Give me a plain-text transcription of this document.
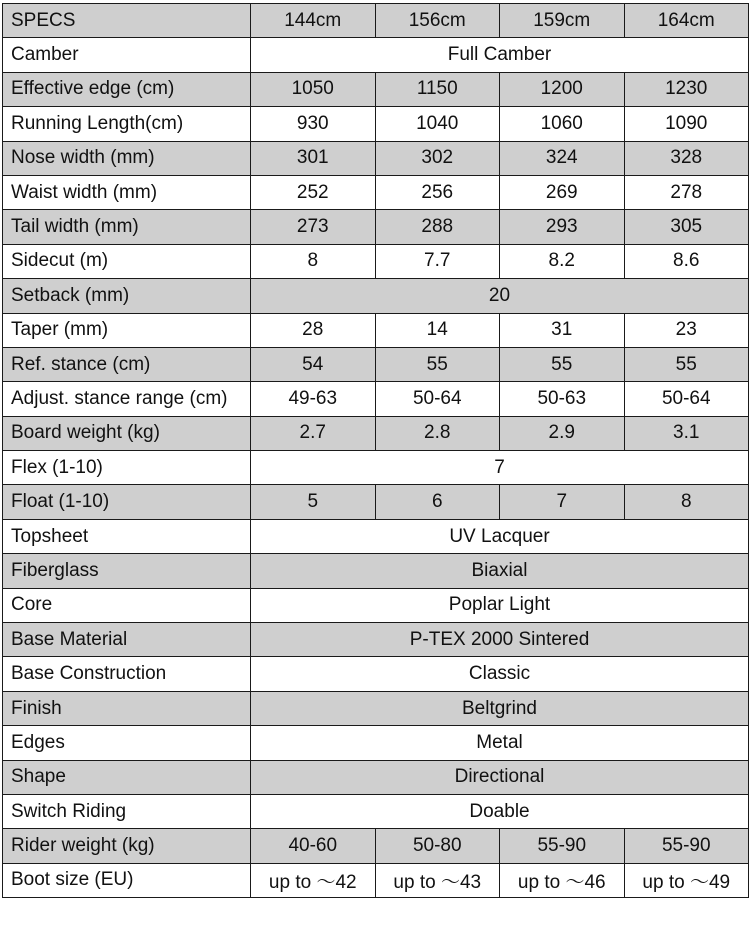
SPECS	144cm	156cm	159cm	164cm
Camber	Full Camber			
Effective edge (cm)	1050	1150	1200	1230
Running Length(cm)	930	1040	1060	1090
Nose width (mm)	301	302	324	328
Waist width (mm)	252	256	269	278
Tail width (mm)	273	288	293	305
Sidecut (m)	8	7.7	8.2	8.6
Setback (mm)	20			
Taper (mm)	28	14	31	23
Ref. stance (cm)	54	55	55	55
Adjust. stance range (cm)	49-63	50-64	50-63	50-64
Board weight (kg)	2.7	2.8	2.9	3.1
Flex (1-10)	7			
Float (1-10)	5	6	7	8
Topsheet	UV Lacquer			
Fiberglass	Biaxial			
Core	Poplar Light			
Base Material	P-TEX 2000 Sintered			
Base Construction	Classic			
Finish	Beltgrind			
Edges	Metal			
Shape	Directional			
Switch Riding	Doable			
Rider weight (kg)	40-60	50-80	55-90	55-90
Boot size (EU)	up to ～42	up to ～43	up to ～46	up to ～49
